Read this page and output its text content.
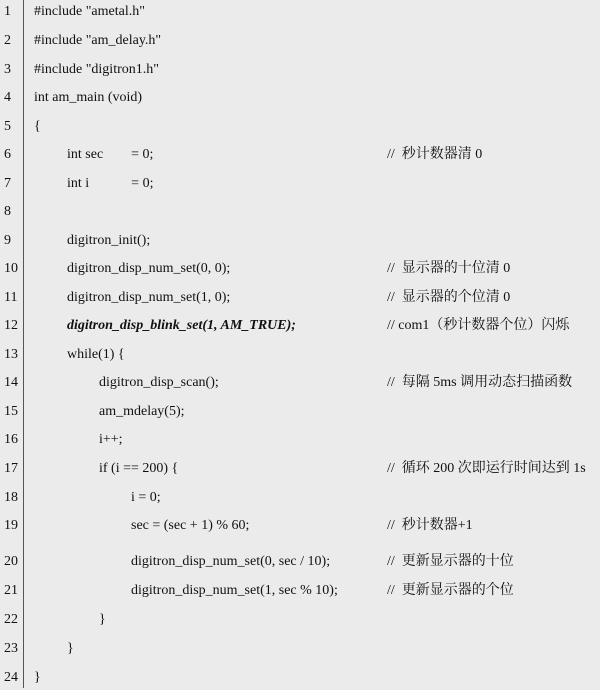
1 #include "ametal.h"
2 #include "am_delay.h"
3 #include "digitron1.h"
4 int am_main (void)
5 {
6	int sec        = 0;	//  秒计数器清 0
7	int i            = 0;
8
9	digitron_init();
10	digitron_disp_num_set(0, 0);	//  显示器的十位清 0
11	digitron_disp_num_set(1, 0);	//  显示器的个位清 0
12	digitron_disp_blink_set(1, AM_TRUE);	// com1（秒计数器个位）闪烁
13	while(1) {
14	digitron_disp_scan();	//  每隔 5ms 调用动态扫描函数
15	am_mdelay(5);
16	i++;
17	if (i == 200) {	//  循环 200 次即运行时间达到 1s
18	i = 0;
19	sec = (sec + 1) % 60;	//  秒计数器+1
20	digitron_disp_num_set(0, sec / 10);	//  更新显示器的十位
21	digitron_disp_num_set(1, sec % 10);	//  更新显示器的个位
22	}
23	}
24 }
